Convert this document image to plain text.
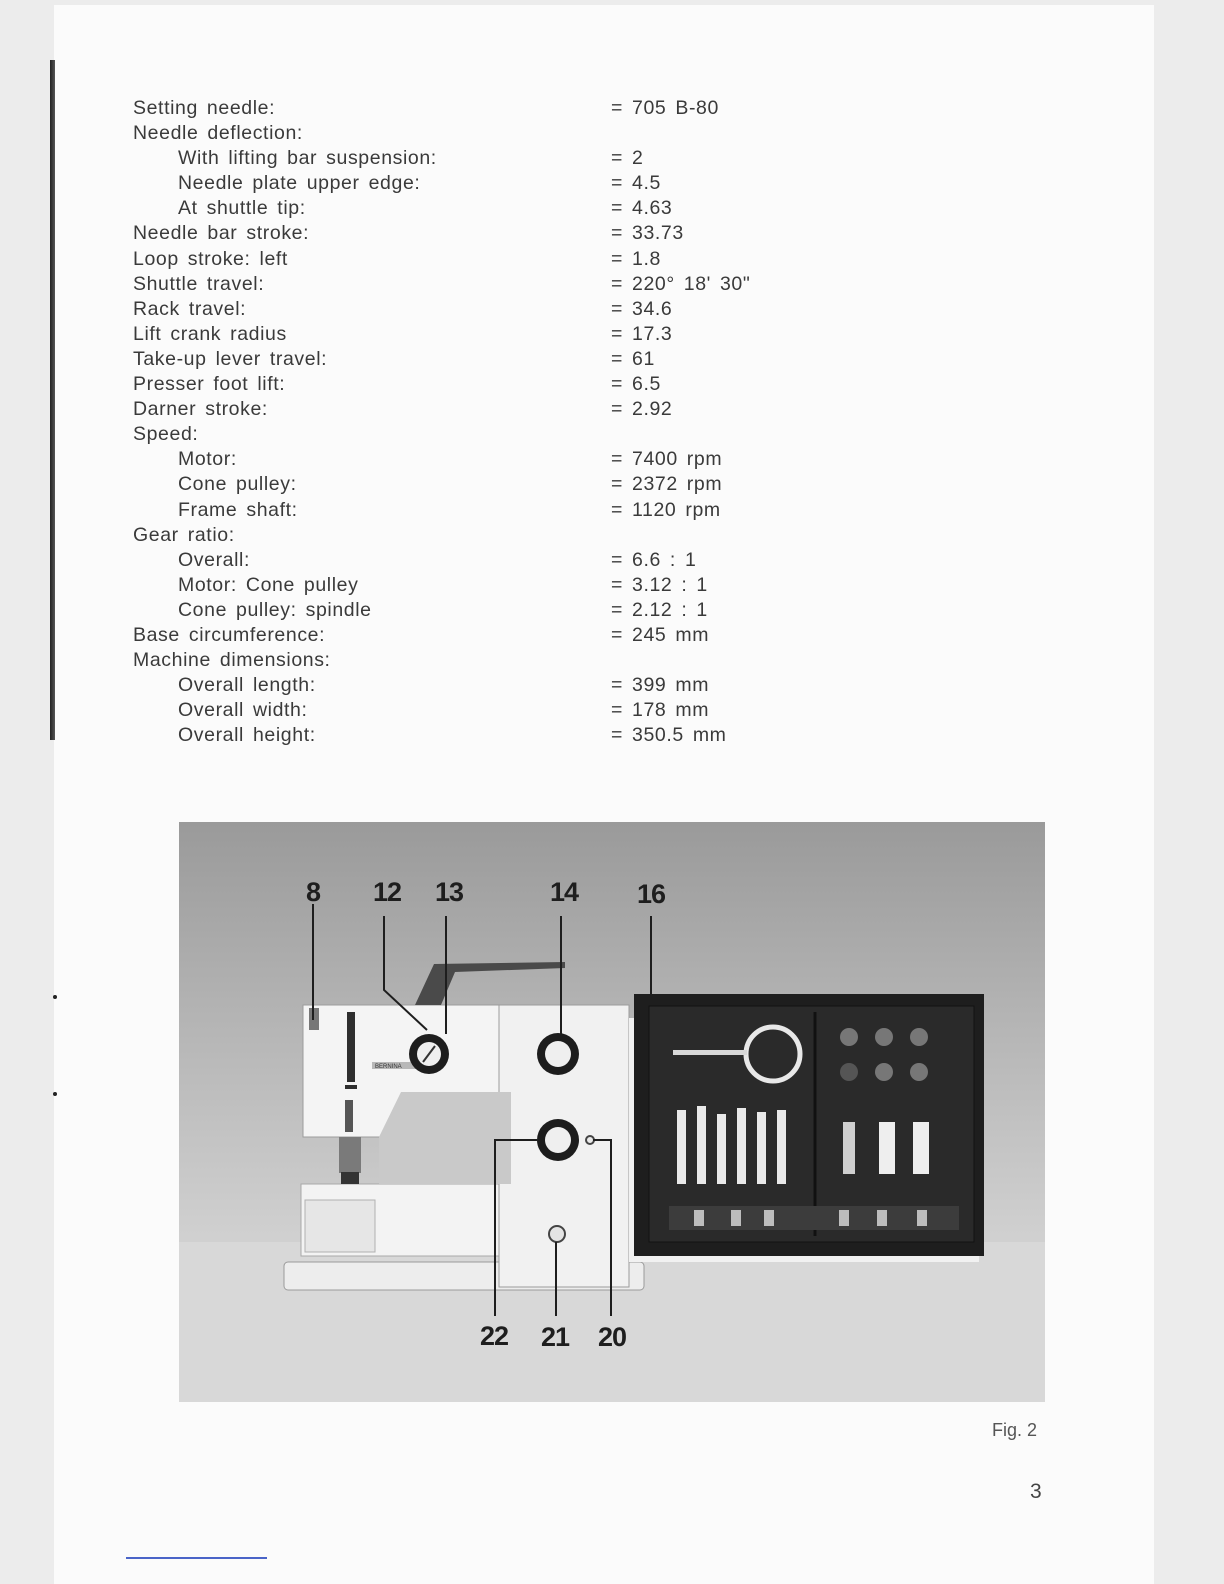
Setting needle:	= 705 B-80
Needle deflection:
With lifting bar suspension:	= 2
Needle plate upper edge:	= 4.5
At shuttle tip:	= 4.63
Needle bar stroke:	= 33.73
Loop stroke: left	= 1.8
Shuttle travel:	= 220° 18' 30"
Rack travel:	= 34.6
Lift crank radius	= 17.3
Take-up lever travel:	= 61
Presser foot lift:	= 6.5
Darner stroke:	= 2.92
Speed:
Motor:	= 7400 rpm
Cone pulley:	= 2372 rpm
Frame shaft:	= 1120 rpm
Gear ratio:
Overall:	= 6.6 : 1
Motor: Cone pulley	= 3.12 : 1
Cone pulley: spindle	= 2.12 : 1
Base circumference:	= 245 mm
Machine dimensions:
Overall length:	= 399 mm
Overall width:	= 178 mm
Overall height:	= 350.5 mm
BERNINA
8 12 13	14 16
22 21 20
Fig. 2
3
